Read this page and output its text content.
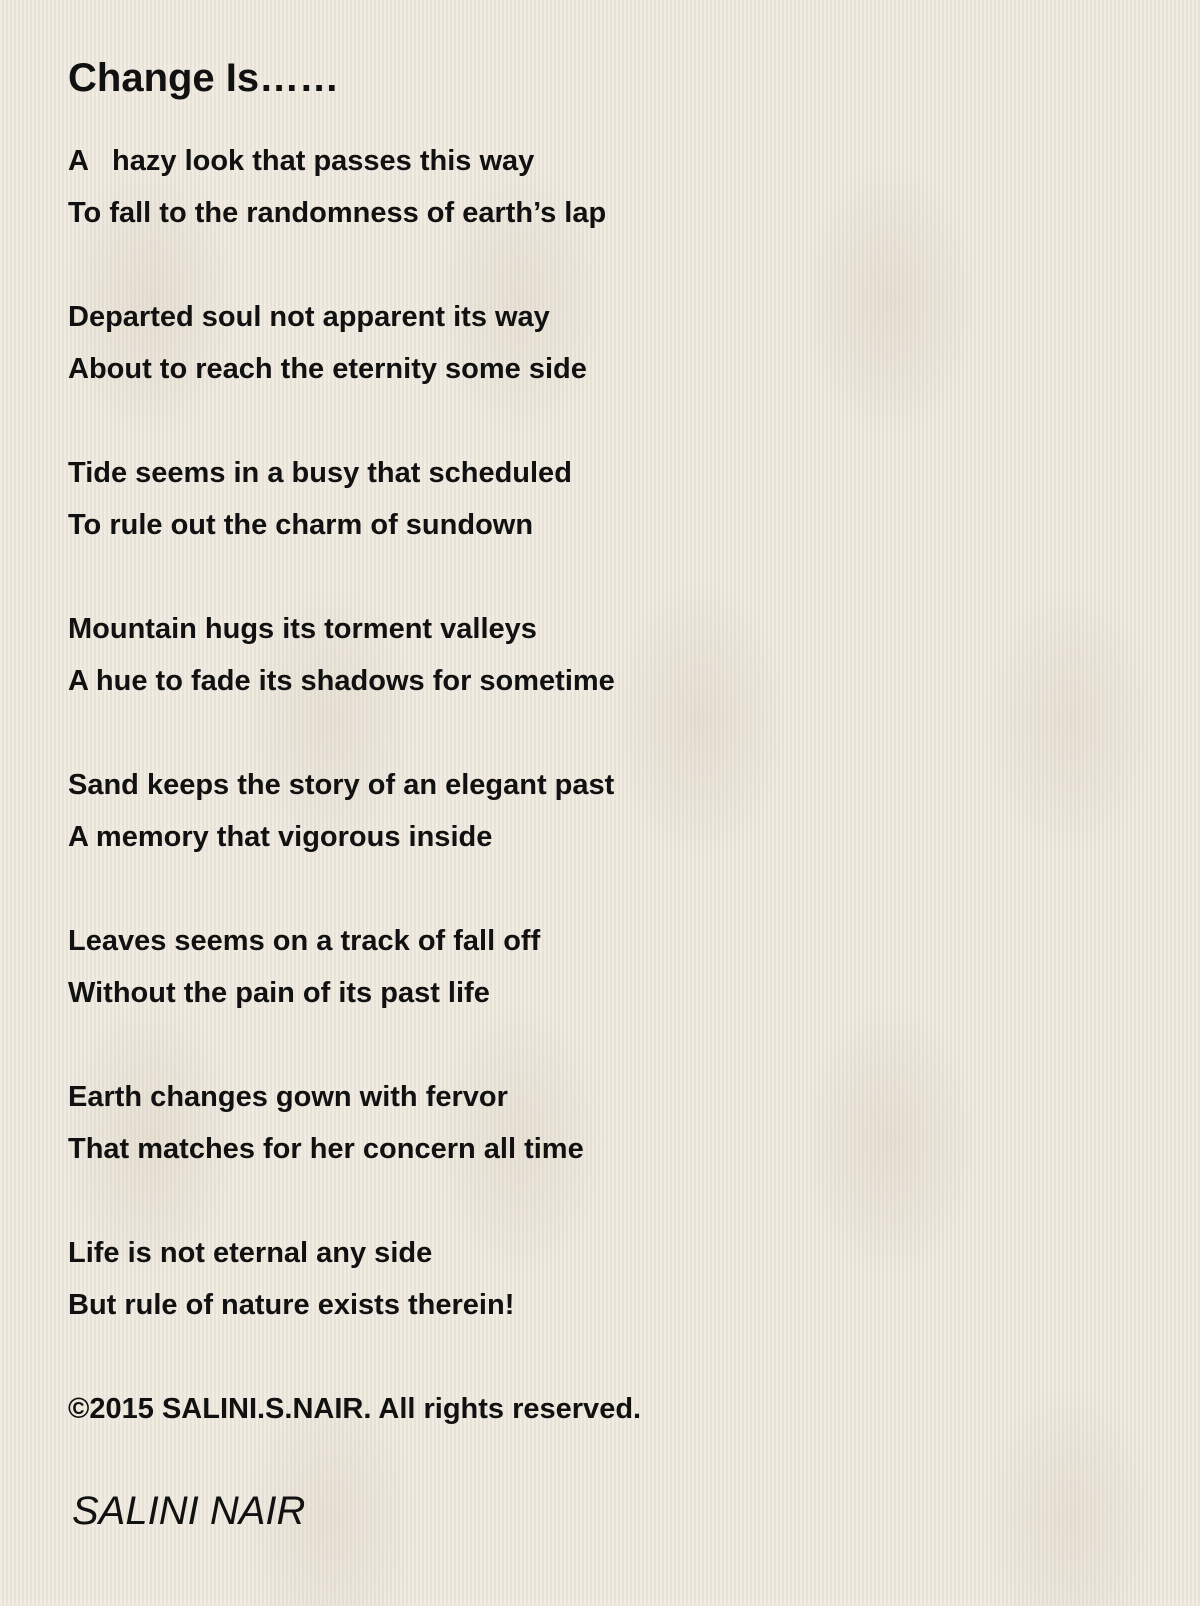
Change Is……
A   hazy look that passes this way
To fall to the randomness of earth’s lap
Departed soul not apparent its way
About to reach the eternity some side
Tide seems in a busy that scheduled
To rule out the charm of sundown
Mountain hugs its torment valleys
A hue to fade its shadows for sometime
Sand keeps the story of an elegant past
A memory that vigorous inside
Leaves seems on a track of fall off
Without the pain of its past life
Earth changes gown with fervor
That matches for her concern all time
Life is not eternal any side
But rule of nature exists therein!

©2015 SALINI.S.NAIR. All rights reserved.

SALINI NAIR
